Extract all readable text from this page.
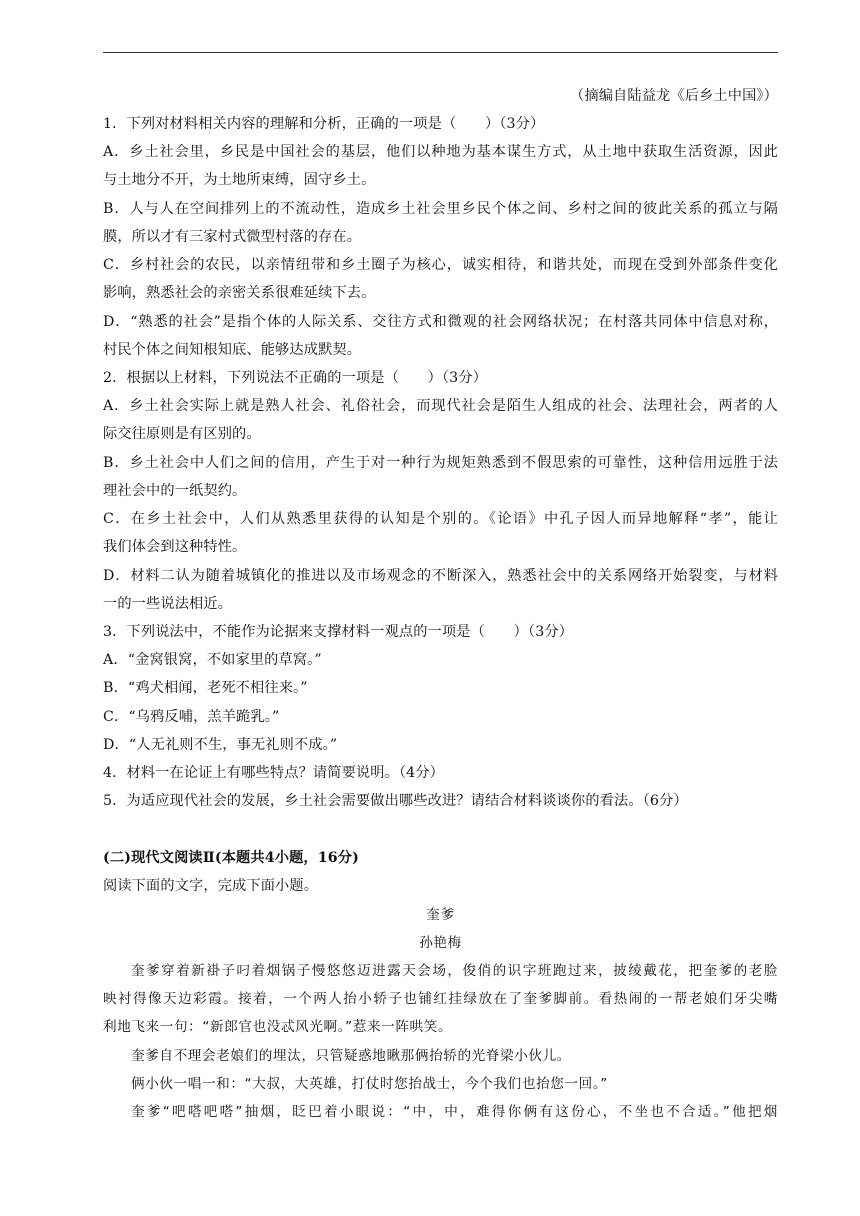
（摘编自陆益龙《后乡土中国》）
1．下列对材料相关内容的理解和分析，正确的一项是（　　）（3分）
A．乡土社会里，乡民是中国社会的基层，他们以种地为基本谋生方式，从土地中获取生活资源，因此
与土地分不开，为土地所束缚，固守乡土。
B．人与人在空间排列上的不流动性，造成乡土社会里乡民个体之间、乡村之间的彼此关系的孤立与隔
膜，所以才有三家村式微型村落的存在。
C．乡村社会的农民，以亲情纽带和乡土圈子为核心，诚实相待，和谐共处，而现在受到外部条件变化
影响，熟悉社会的亲密关系很难延续下去。
D．“熟悉的社会”是指个体的人际关系、交往方式和微观的社会网络状况；在村落共同体中信息对称，
村民个体之间知根知底、能够达成默契。
2．根据以上材料，下列说法不正确的一项是（　　）（3分）
A．乡土社会实际上就是熟人社会、礼俗社会，而现代社会是陌生人组成的社会、法理社会，两者的人
际交往原则是有区别的。
B．乡土社会中人们之间的信用，产生于对一种行为规矩熟悉到不假思索的可靠性，这种信用远胜于法
理社会中的一纸契约。
C．在乡土社会中，人们从熟悉里获得的认知是个别的。《论语》中孔子因人而异地解释“孝”，能让
我们体会到这种特性。
D．材料二认为随着城镇化的推进以及市场观念的不断深入，熟悉社会中的关系网络开始裂变，与材料
一的一些说法相近。
3．下列说法中，不能作为论据来支撑材料一观点的一项是（　　）（3分）
A．“金窝银窝，不如家里的草窝。”
B．“鸡犬相闻，老死不相往来。”
C．“乌鸦反哺，羔羊跪乳。”
D．“人无礼则不生，事无礼则不成。”
4．材料一在论证上有哪些特点？请简要说明。（4分）
5．为适应现代社会的发展，乡土社会需要做出哪些改进？请结合材料谈谈你的看法。（6分）
(二)现代文阅读Ⅱ(本题共4小题，16分)
阅读下面的文字，完成下面小题。
奎爹
孙艳梅
奎爹穿着新褂子叼着烟锅子慢悠悠迈进露天会场，俊俏的识字班跑过来，披绫戴花，把奎爹的老脸
映衬得像天边彩霞。接着，一个两人抬小轿子也铺红挂绿放在了奎爹脚前。看热闹的一帮老娘们牙尖嘴
利地飞来一句：“新郎官也没忒风光啊。”惹来一阵哄笑。
奎爹自不理会老娘们的埋汰，只管疑惑地瞅那俩抬轿的光脊梁小伙儿。
俩小伙一唱一和：“大叔，大英雄，打仗时您抬战士，今个我们也抬您一回。”
奎爹“吧嗒吧嗒”抽烟，眨巴着小眼说：“中，中，难得你俩有这份心，不坐也不合适。”他把烟
